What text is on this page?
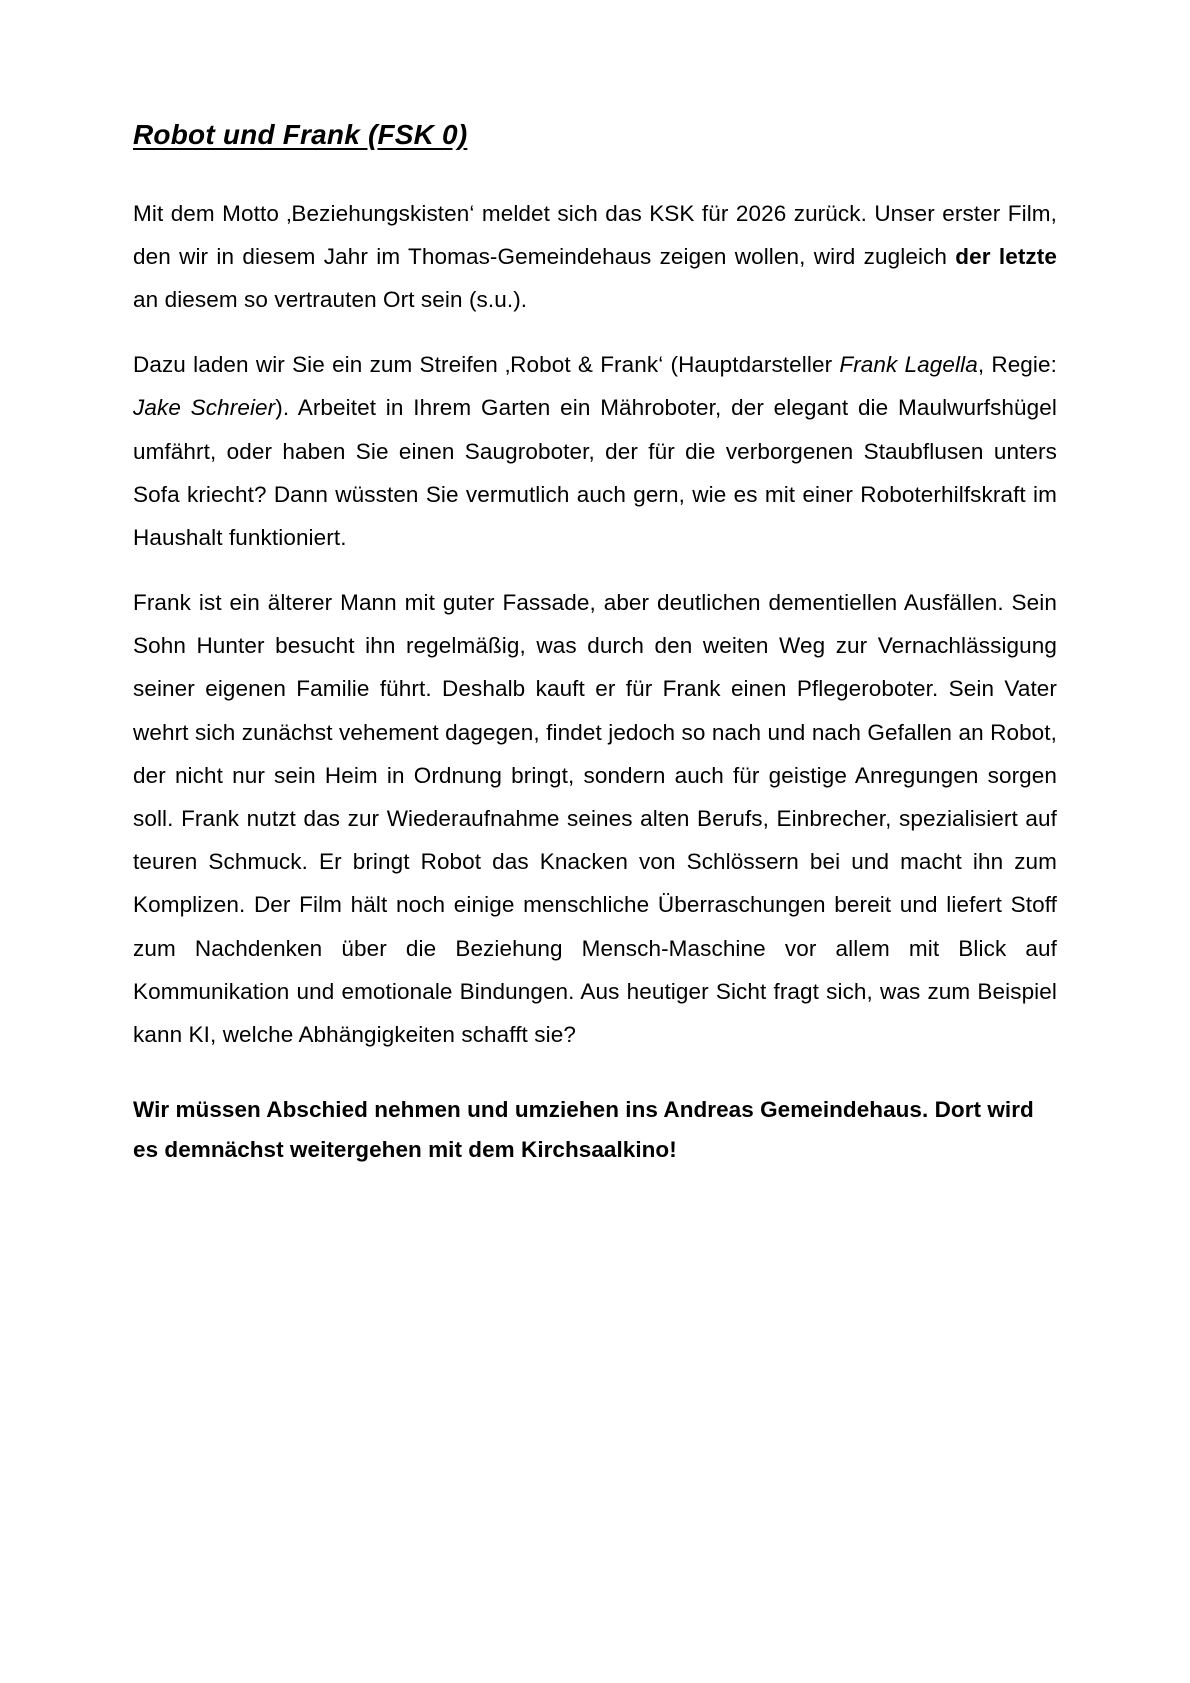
Robot und Frank (FSK 0)

Mit dem Motto ‚Beziehungskisten‘ meldet sich das KSK für 2026 zurück. Unser erster Film, den wir in diesem Jahr im Thomas-Gemeindehaus zeigen wollen, wird zugleich der letzte an diesem so vertrauten Ort sein (s.u.).

Dazu laden wir Sie ein zum Streifen ‚Robot & Frank‘ (Hauptdarsteller Frank Lagella, Regie: Jake Schreier). Arbeitet in Ihrem Garten ein Mähroboter, der elegant die Maulwurfshügel umfährt, oder haben Sie einen Saugroboter, der für die verborgenen Staubflusen unters Sofa kriecht? Dann wüssten Sie vermutlich auch gern, wie es mit einer Roboterhilfskraft im Haushalt funktioniert.

Frank ist ein älterer Mann mit guter Fassade, aber deutlichen dementiellen Ausfällen. Sein Sohn Hunter besucht ihn regelmäßig, was durch den weiten Weg zur Vernachlässigung seiner eigenen Familie führt. Deshalb kauft er für Frank einen Pflegeroboter. Sein Vater wehrt sich zunächst vehement dagegen, findet jedoch so nach und nach Gefallen an Robot, der nicht nur sein Heim in Ordnung bringt, sondern auch für geistige Anregungen sorgen soll. Frank nutzt das zur Wiederaufnahme seines alten Berufs, Einbrecher, spezialisiert auf teuren Schmuck. Er bringt Robot das Knacken von Schlössern bei und macht ihn zum Komplizen. Der Film hält noch einige menschliche Überraschungen bereit und liefert Stoff zum Nachdenken über die Beziehung Mensch-Maschine vor allem mit Blick auf Kommunikation und emotionale Bindungen. Aus heutiger Sicht fragt sich, was zum Beispiel kann KI, welche Abhängigkeiten schafft sie?

Wir müssen Abschied nehmen und umziehen ins Andreas Gemeindehaus. Dort wird es demnächst weitergehen mit dem Kirchsaalkino!
